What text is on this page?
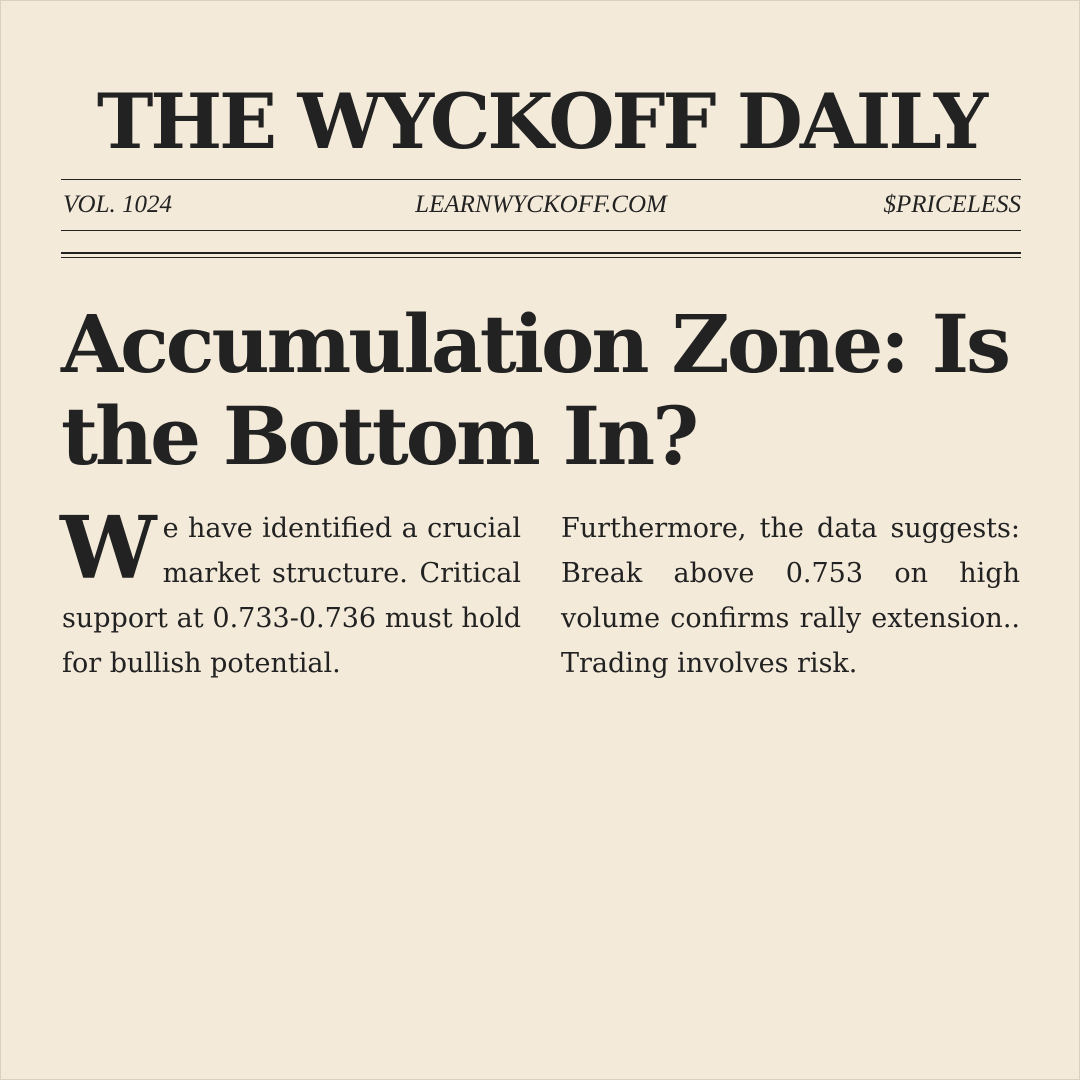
THE WYCKOFF DAILY
VOL. 1024	LEARNWYCKOFF.COM	$PRICELESS
Accumulation Zone: Is the Bottom In?

We have identified a crucial market structure. Critical support at 0.733-0.736 must hold for bullish potential.

Furthermore, the data suggests: Break above 0.753 on high volume confirms rally extension.. Trading involves risk.
